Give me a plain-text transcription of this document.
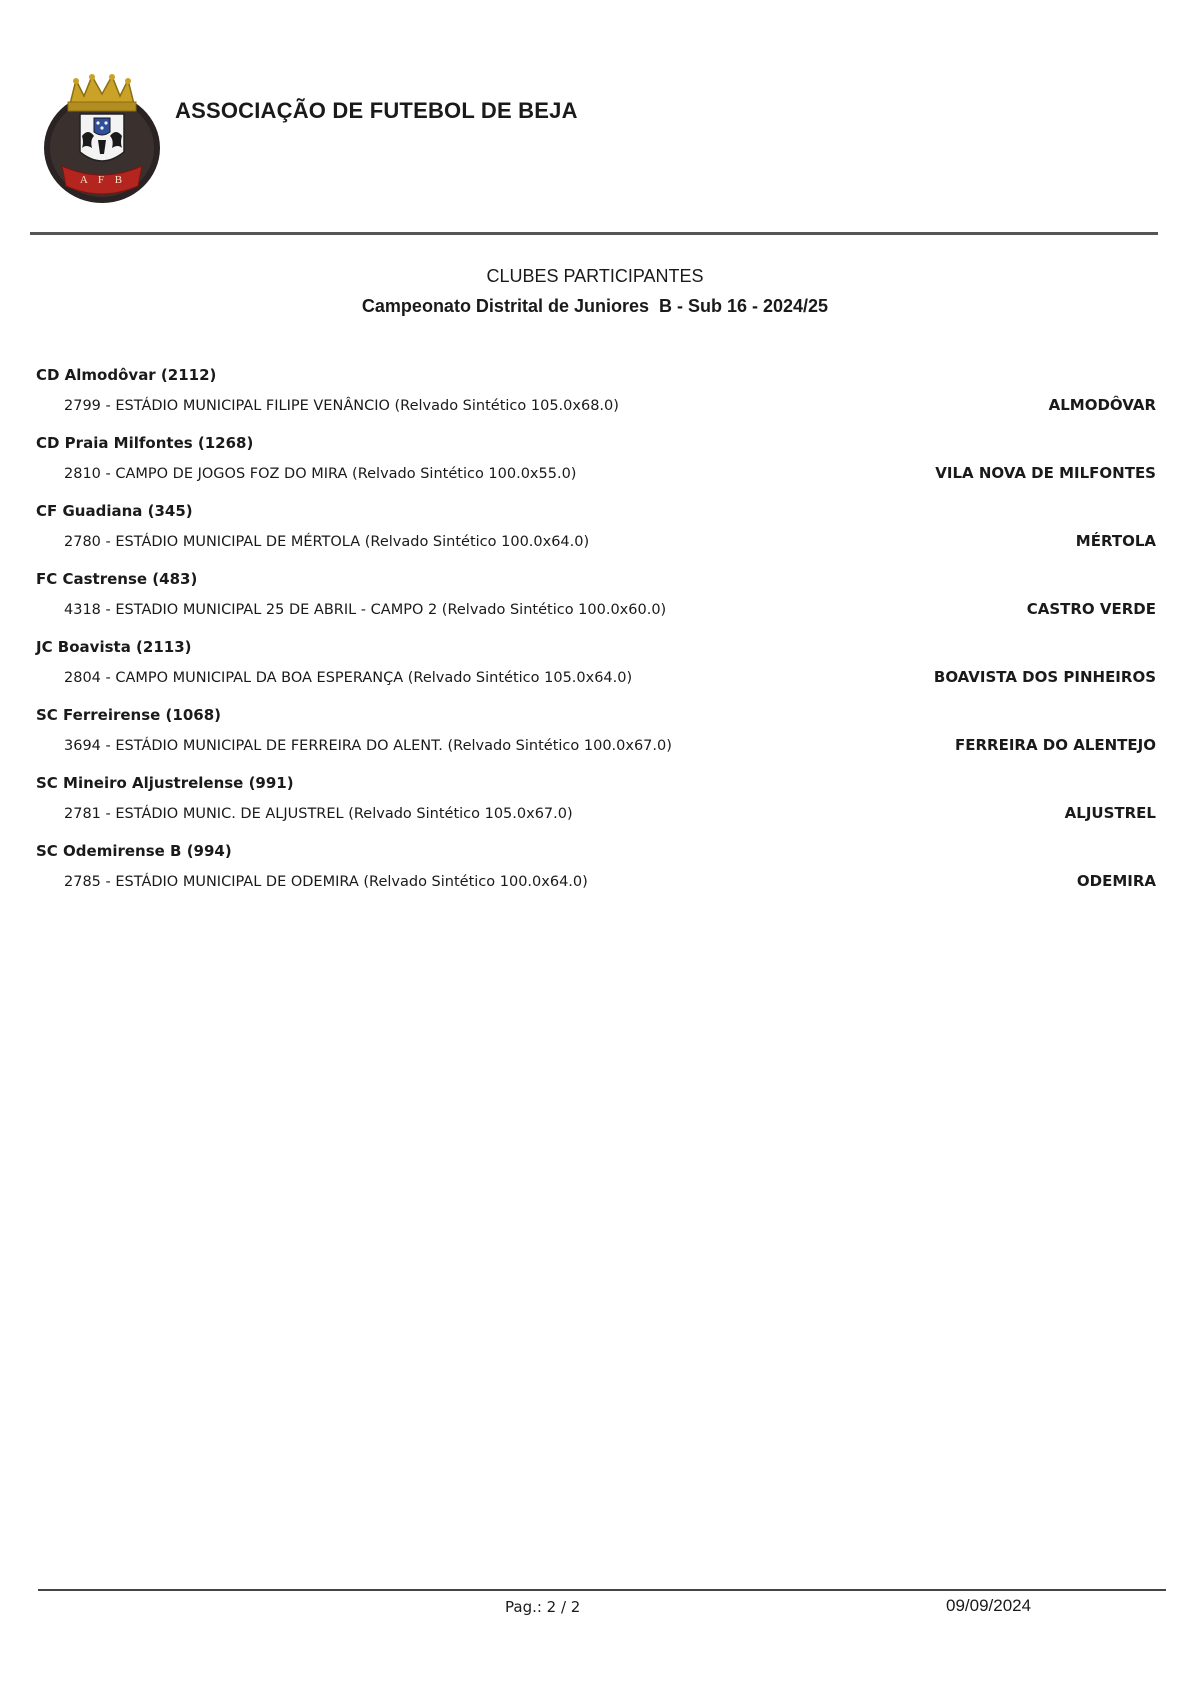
A F B
ASSOCIAÇÃO DE FUTEBOL DE BEJA
CLUBES PARTICIPANTES
Campeonato Distrital de Juniores  B - Sub 16 - 2024/25
CD Almodôvar (2112)
2799 - ESTÁDIO MUNICIPAL FILIPE VENÂNCIO (Relvado Sintético 105.0x68.0)	ALMODÔVAR
CD Praia Milfontes (1268)
2810 - CAMPO DE JOGOS FOZ DO MIRA (Relvado Sintético 100.0x55.0)	VILA NOVA DE MILFONTES
CF Guadiana (345)
2780 - ESTÁDIO MUNICIPAL DE MÉRTOLA (Relvado Sintético 100.0x64.0)	MÉRTOLA
FC Castrense (483)
4318 - ESTADIO MUNICIPAL 25 DE ABRIL - CAMPO 2 (Relvado Sintético 100.0x60.0)	CASTRO VERDE
JC Boavista (2113)
2804 - CAMPO MUNICIPAL DA BOA ESPERANÇA (Relvado Sintético 105.0x64.0)	BOAVISTA DOS PINHEIROS
SC Ferreirense (1068)
3694 - ESTÁDIO MUNICIPAL DE FERREIRA DO ALENT. (Relvado Sintético 100.0x67.0)	FERREIRA DO ALENTEJO
SC Mineiro Aljustrelense (991)
2781 - ESTÁDIO MUNIC. DE ALJUSTREL (Relvado Sintético 105.0x67.0)	ALJUSTREL
SC Odemirense B (994)
2785 - ESTÁDIO MUNICIPAL DE ODEMIRA (Relvado Sintético 100.0x64.0)	ODEMIRA
Pag.: 2 / 2	09/09/2024
